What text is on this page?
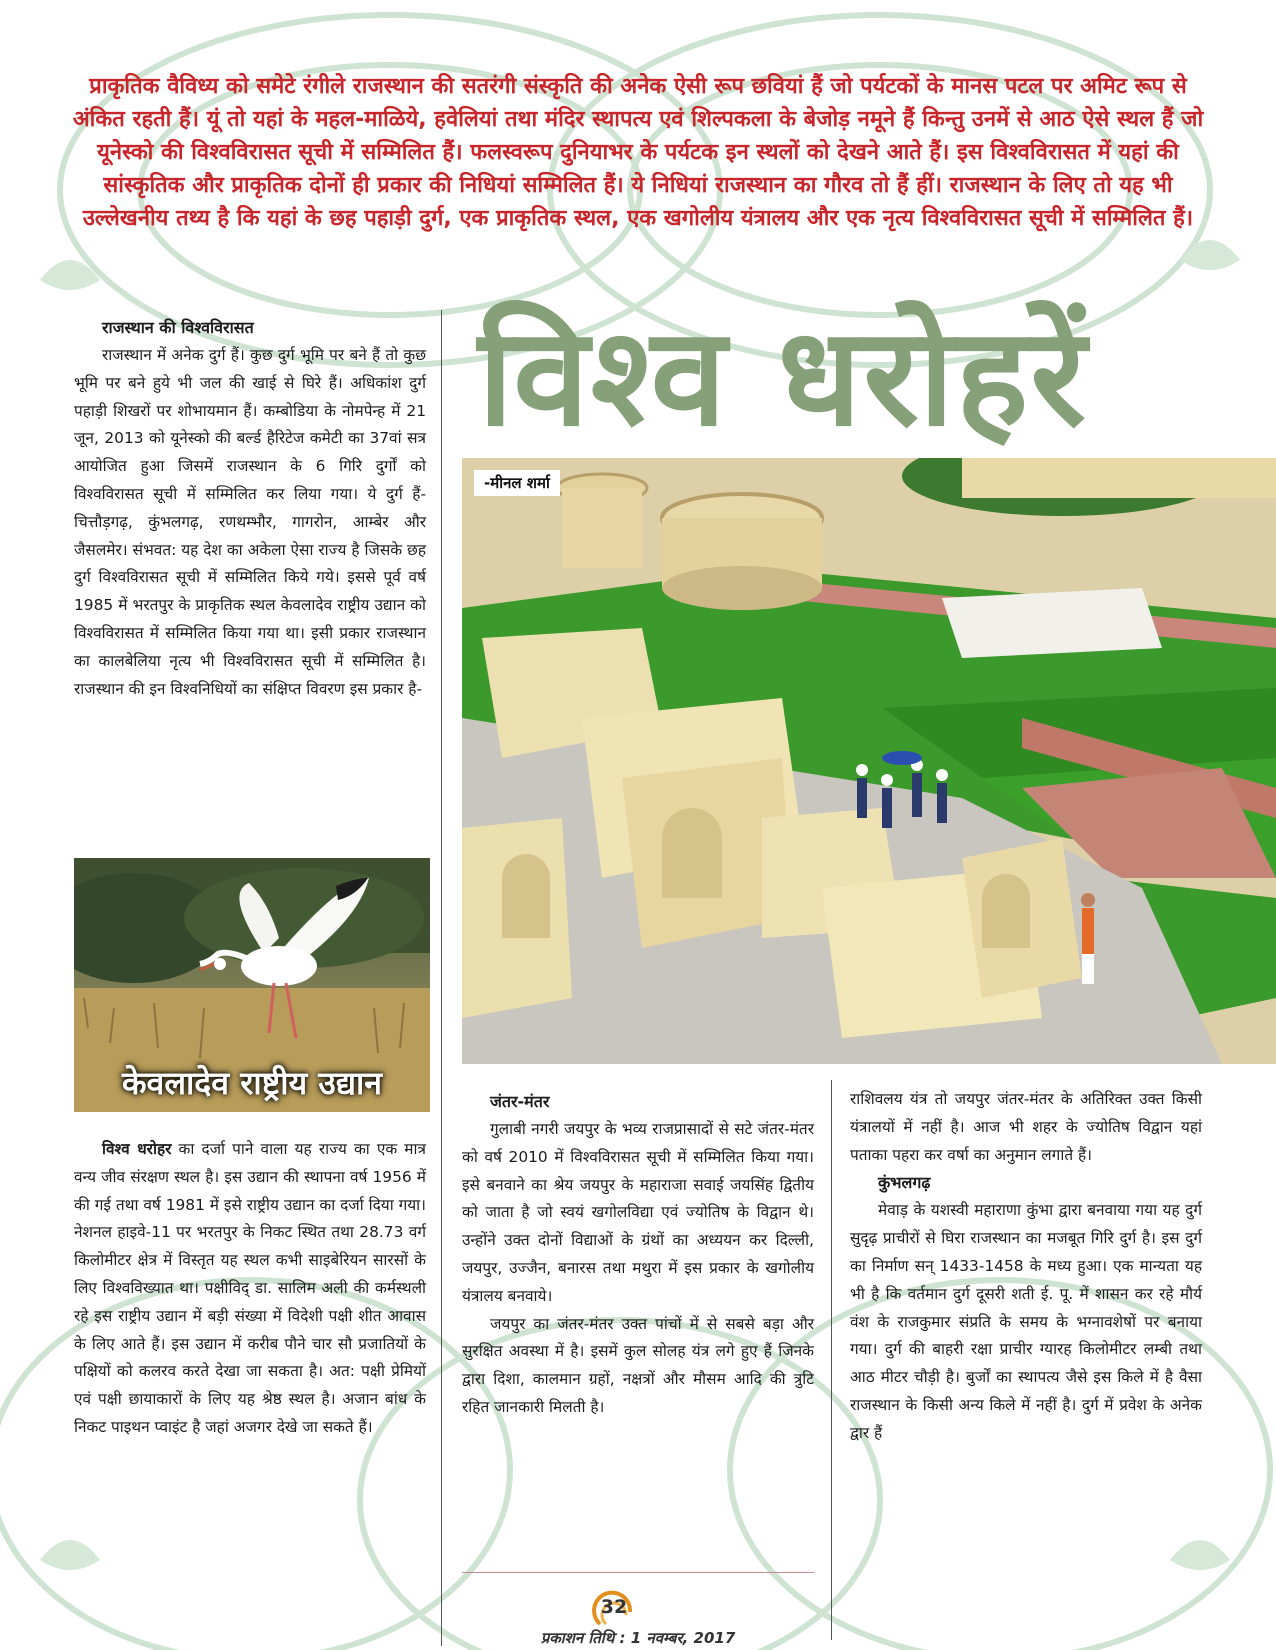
प्राकृतिक वैविध्य को समेटे रंगीले राजस्थान की सतरंगी संस्कृति की अनेक ऐसी रूप छवियां हैं जो पर्यटकों के मानस पटल पर अमिट रूप से अंकित रहती हैं। यूं तो यहां के महल-माळिये, हवेलियां तथा मंदिर स्थापत्य एवं शिल्पकला के बेजोड़ नमूने हैं किन्तु उनमें से आठ ऐसे स्थल हैं जो यूनेस्को की विश्वविरासत सूची में सम्मिलित हैं। फलस्वरूप दुनियाभर के पर्यटक इन स्थलों को देखने आते हैं। इस विश्वविरासत में यहां की सांस्कृतिक और प्राकृतिक दोनों ही प्रकार की निधियां सम्मिलित हैं। ये निधियां राजस्थान का गौरव तो हैं हीं। राजस्थान के लिए तो यह भी उल्लेखनीय तथ्य है कि यहां के छह पहाड़ी दुर्ग, एक प्राकृतिक स्थल, एक खगोलीय यंत्रालय और एक नृत्य विश्वविरासत सूची में सम्मिलित हैं।

विश्व धरोहरें

राजस्थान की विश्वविरासत

राजस्थान में अनेक दुर्ग हैं। कुछ दुर्ग भूमि पर बने हैं तो कुछ भूमि पर बने हुये भी जल की खाई से घिरे हैं। अधिकांश दुर्ग पहाड़ी शिखरों पर शोभायमान हैं। कम्बोडिया के नोमपेन्ह में 21 जून, 2013 को यूनेस्को की बर्ल्ड हैरिटेज कमेटी का 37वां सत्र आयोजित हुआ जिसमें राजस्थान के 6 गिरि दुर्गों को विश्वविरासत सूची में सम्मिलित कर लिया गया। ये दुर्ग हैं-चित्तौड़गढ़, कुंभलगढ़, रणथम्भौर, गागरोन, आम्बेर और जैसलमेर। संभवत: यह देश का अकेला ऐसा राज्य है जिसके छह दुर्ग विश्वविरासत सूची में सम्मिलित किये गये। इससे पूर्व वर्ष 1985 में भरतपुर के प्राकृतिक स्थल केवलादेव राष्ट्रीय उद्यान को विश्वविरासत में सम्मिलित किया गया था। इसी प्रकार राजस्थान का कालबेलिया नृत्य भी विश्वविरासत सूची में सम्मिलित है। राजस्थान की इन विश्वनिधियों का संक्षिप्त विवरण इस प्रकार है-

केवलादेव राष्ट्रीय उद्यान

विश्व धरोहर का दर्जा पाने वाला यह राज्य का एक मात्र वन्य जीव संरक्षण स्थल है। इस उद्यान की स्थापना वर्ष 1956 में की गई तथा वर्ष 1981 में इसे राष्ट्रीय उद्यान का दर्जा दिया गया। नेशनल हाइवे-11 पर भरतपुर के निकट स्थित तथा 28.73 वर्ग किलोमीटर क्षेत्र में विस्तृत यह स्थल कभी साइबेरियन सारसों के लिए विश्वविख्यात था। पक्षीविद् डा. सालिम अली की कर्मस्थली रहे इस राष्ट्रीय उद्यान में बड़ी संख्या में विदेशी पक्षी शीत आवास के लिए आते हैं। इस उद्यान में करीब पौने चार सौ प्रजातियों के पक्षियों को कलरव करते देखा जा सकता है। अत: पक्षी प्रेमियों एवं पक्षी छायाकारों के लिए यह श्रेष्ठ स्थल है। अजान बांध के निकट पाइथन प्वाइंट है जहां अजगर देखे जा सकते हैं।

-मीनल शर्मा

जंतर-मंतर

गुलाबी नगरी जयपुर के भव्य राजप्रासादों से सटे जंतर-मंतर को वर्ष 2010 में विश्वविरासत सूची में सम्मिलित किया गया। इसे बनवाने का श्रेय जयपुर के महाराजा सवाई जयसिंह द्वितीय को जाता है जो स्वयं खगोलविद्या एवं ज्योतिष के विद्वान थे। उन्होंने उक्त दोनों विद्याओं के ग्रंथों का अध्ययन कर दिल्ली, जयपुर, उज्जैन, बनारस तथा मथुरा में इस प्रकार के खगोलीय यंत्रालय बनवाये।

जयपुर का जंतर-मंतर उक्त पांचों में से सबसे बड़ा और सुरक्षित अवस्था में है। इसमें कुल सोलह यंत्र लगे हुए हैं जिनके द्वारा दिशा, कालमान ग्रहों, नक्षत्रों और मौसम आदि की त्रुटि रहित जानकारी मिलती है।

राशिवलय यंत्र तो जयपुर जंतर-मंतर के अतिरिक्त उक्त किसी यंत्रालयों में नहीं है। आज भी शहर के ज्योतिष विद्वान यहां पताका पहरा कर वर्षा का अनुमान लगाते हैं।

कुंभलगढ़

मेवाड़ के यशस्वी महाराणा कुंभा द्वारा बनवाया गया यह दुर्ग सुदृढ़ प्राचीरों से घिरा राजस्थान का मजबूत गिरि दुर्ग है। इस दुर्ग का निर्माण सन् 1433-1458 के मध्य हुआ। एक मान्यता यह भी है कि वर्तमान दुर्ग दूसरी शती ई. पू. में शासन कर रहे मौर्य वंश के राजकुमार संप्रति के समय के भग्नावशेषों पर बनाया गया। दुर्ग की बाहरी रक्षा प्राचीर ग्यारह किलोमीटर लम्बी तथा आठ मीटर चौड़ी है। बुर्जों का स्थापत्य जैसे इस किले में है वैसा राजस्थान के किसी अन्य किले में नहीं है। दुर्ग में प्रवेश के अनेक द्वार हैं

32
प्रकाशन तिथि : 1 नवम्बर, 2017
